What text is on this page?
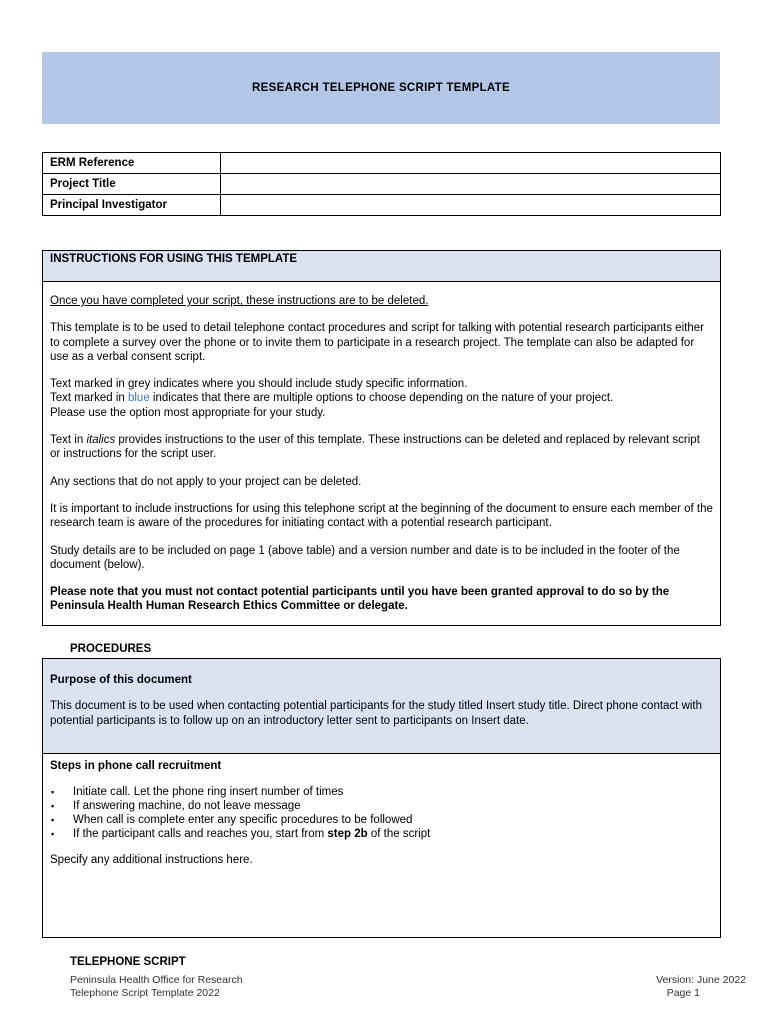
RESEARCH TELEPHONE SCRIPT TEMPLATE
ERM Reference	
Project Title	
Principal Investigator	
INSTRUCTIONS FOR USING THIS TEMPLATE

Once you have completed your script, these instructions are to be deleted.

This template is to be used to detail telephone contact procedures and script for talking with potential research participants either to complete a survey over the phone or to invite them to participate in a research project. The template can also be adapted for use as a verbal consent script.

Text marked in grey indicates where you should include study specific information.
Text marked in blue indicates that there are multiple options to choose depending on the nature of your project.
Please use the option most appropriate for your study.

Text in italics provides instructions to the user of this template. These instructions can be deleted and replaced by relevant script or instructions for the script user.

Any sections that do not apply to your project can be deleted.

It is important to include instructions for using this telephone script at the beginning of the document to ensure each member of the research team is aware of the procedures for initiating contact with a potential research participant.

Study details are to be included on page 1 (above table) and a version number and date is to be included in the footer of the document (below).

Please note that you must not contact potential participants until you have been granted approval to do so by the Peninsula Health Human Research Ethics Committee or delegate.

PROCEDURES

Purpose of this document

This document is to be used when contacting potential participants for the study titled Insert study title. Direct phone contact with potential participants is to follow up on an introductory letter sent to participants on Insert date.

Steps in phone call recruitment

▪ Initiate call. Let the phone ring insert number of times
▪ If answering machine, do not leave message
▪ When call is complete enter any specific procedures to be followed
▪ If the participant calls and reaches you, start from step 2b of the script

Specify any additional instructions here.

TELEPHONE SCRIPT
Peninsula Health Office for Research
Telephone Script Template 2022
Version: June 2022
Page 1
